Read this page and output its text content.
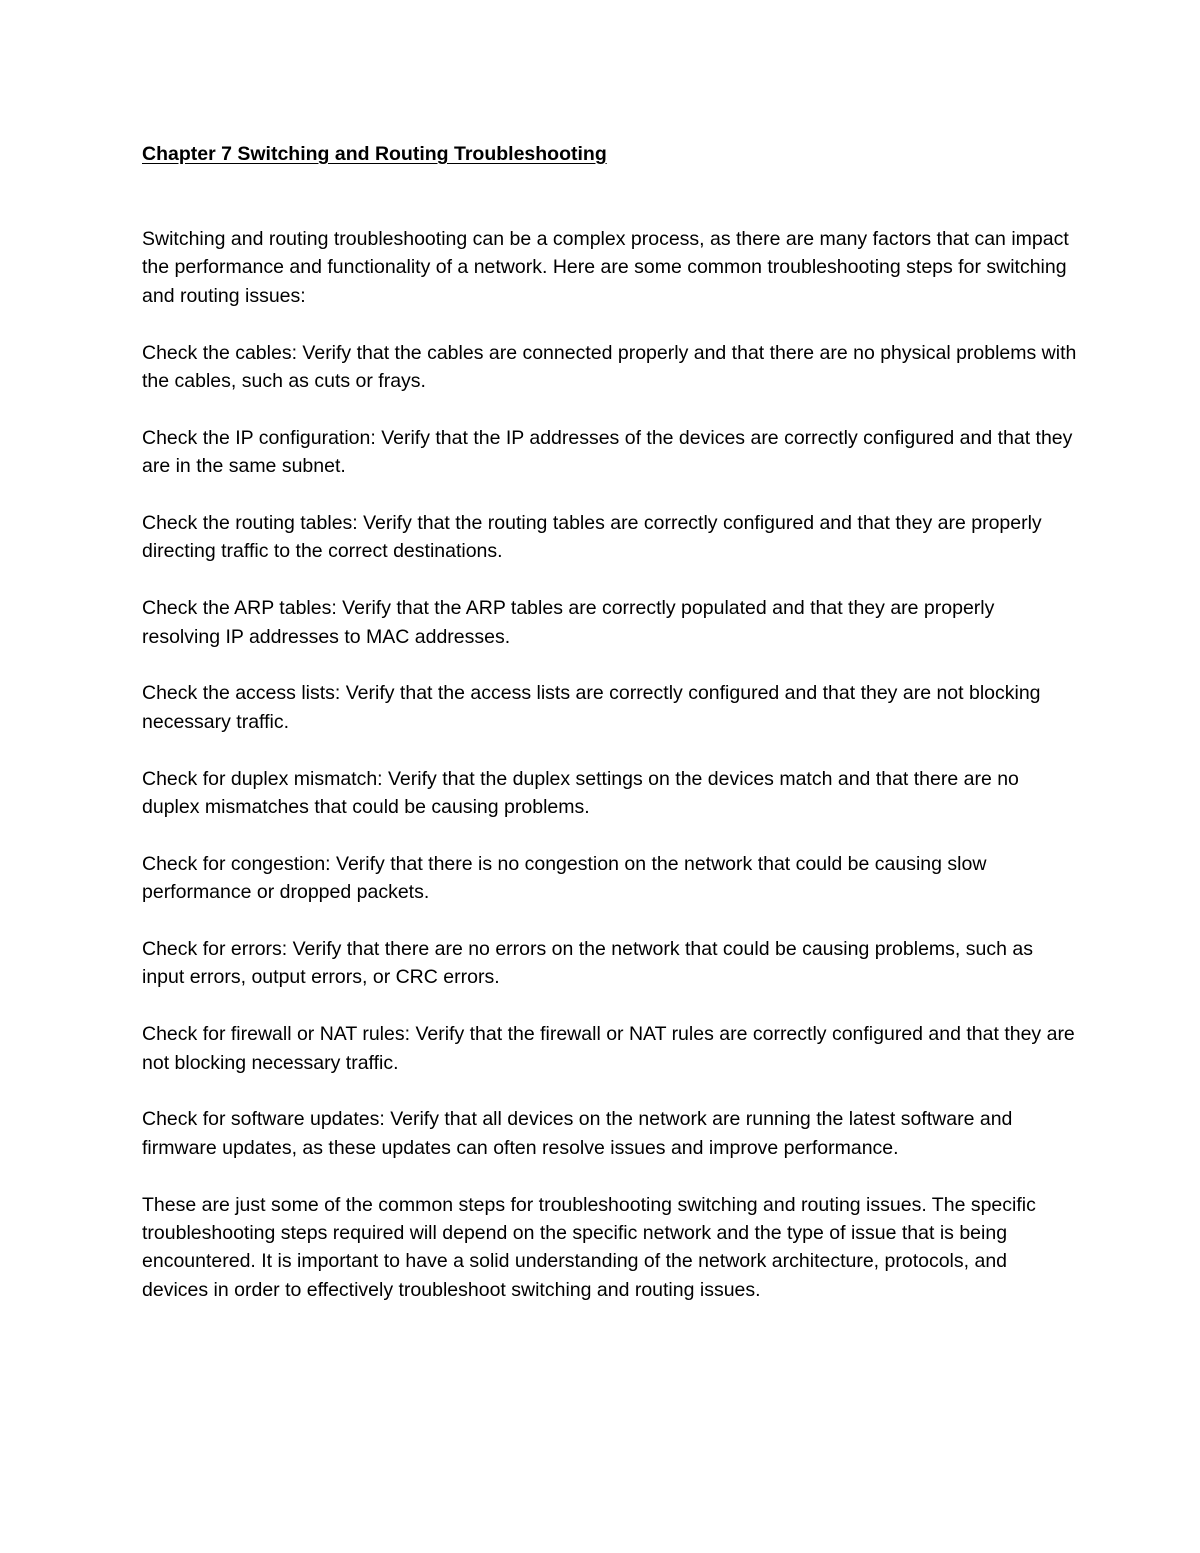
Chapter 7 Switching and Routing Troubleshooting

Switching and routing troubleshooting can be a complex process, as there are many factors that can impact the performance and functionality of a network. Here are some common troubleshooting steps for switching and routing issues:

Check the cables: Verify that the cables are connected properly and that there are no physical problems with the cables, such as cuts or frays.

Check the IP configuration: Verify that the IP addresses of the devices are correctly configured and that they are in the same subnet.

Check the routing tables: Verify that the routing tables are correctly configured and that they are properly directing traffic to the correct destinations.

Check the ARP tables: Verify that the ARP tables are correctly populated and that they are properly resolving IP addresses to MAC addresses.

Check the access lists: Verify that the access lists are correctly configured and that they are not blocking necessary traffic.

Check for duplex mismatch: Verify that the duplex settings on the devices match and that there are no duplex mismatches that could be causing problems.

Check for congestion: Verify that there is no congestion on the network that could be causing slow performance or dropped packets.

Check for errors: Verify that there are no errors on the network that could be causing problems, such as input errors, output errors, or CRC errors.

Check for firewall or NAT rules: Verify that the firewall or NAT rules are correctly configured and that they are not blocking necessary traffic.

Check for software updates: Verify that all devices on the network are running the latest software and firmware updates, as these updates can often resolve issues and improve performance.

These are just some of the common steps for troubleshooting switching and routing issues. The specific troubleshooting steps required will depend on the specific network and the type of issue that is being encountered. It is important to have a solid understanding of the network architecture, protocols, and devices in order to effectively troubleshoot switching and routing issues.
